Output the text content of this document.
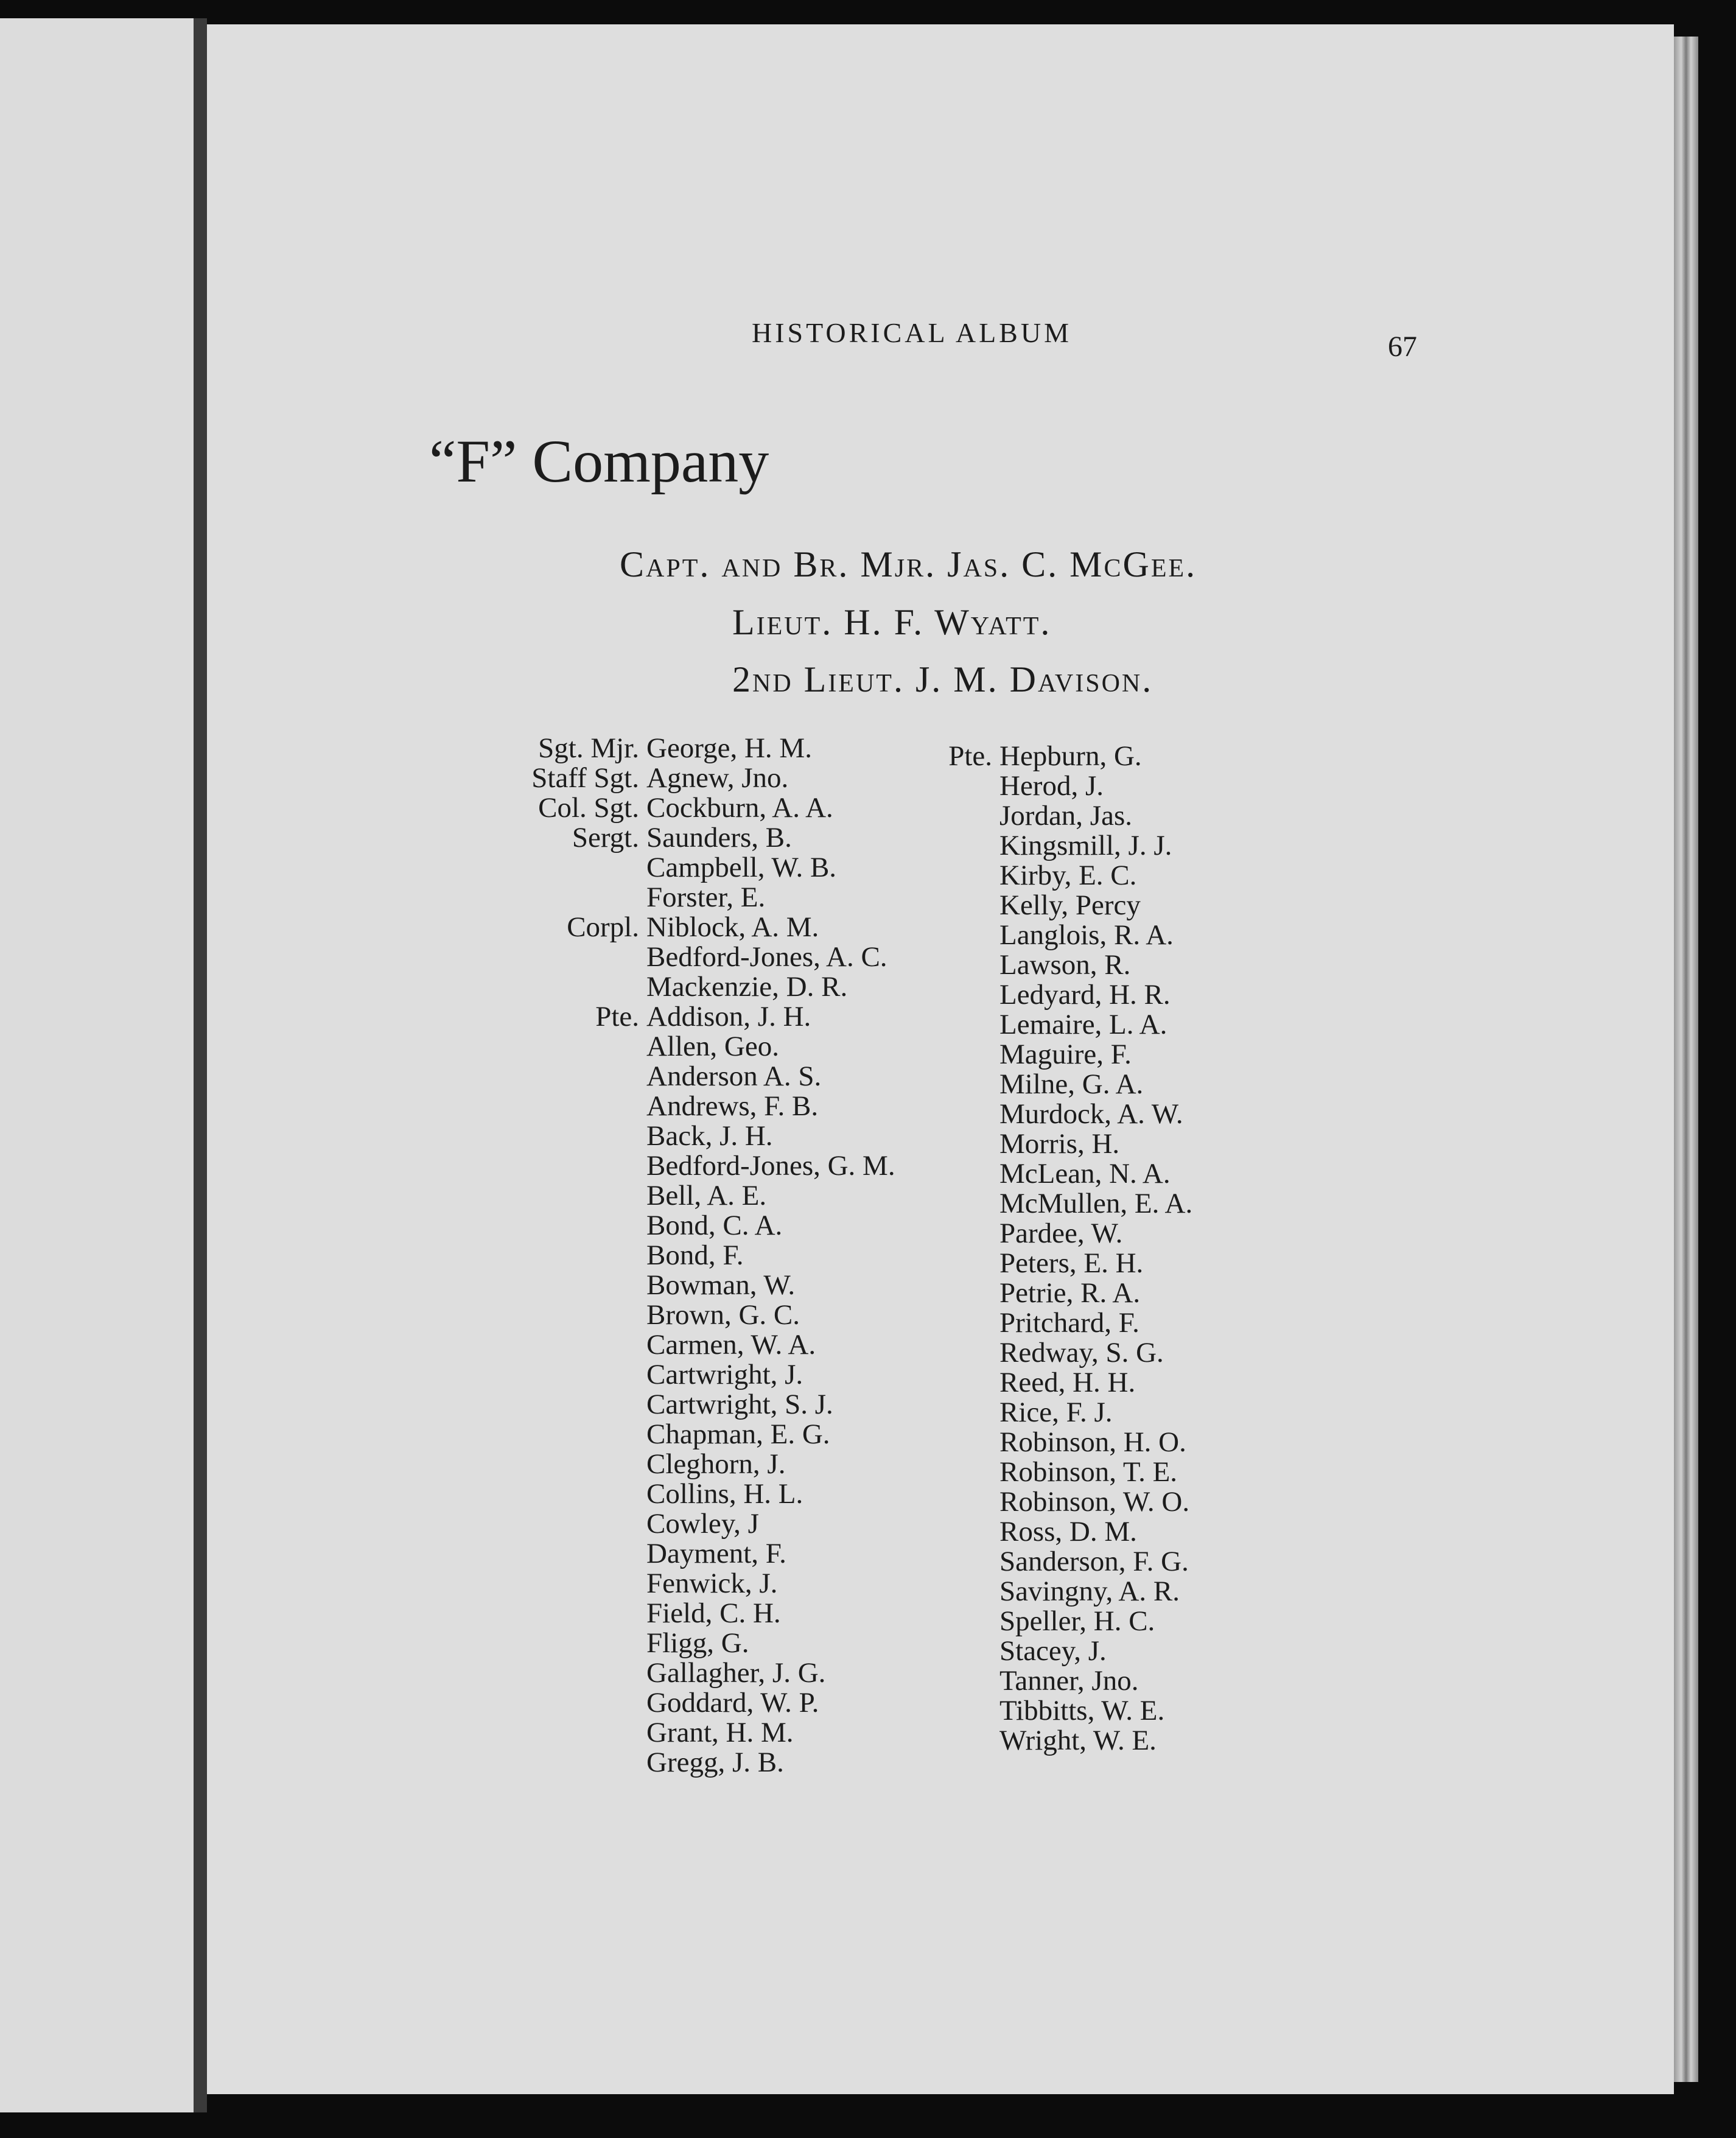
HISTORICAL ALBUM	67
“F” Company
Capt. and Br. Mjr. Jas. C. McGee.
Lieut. H. F. Wyatt.
2nd Lieut. J. M. Davison.
Sgt. Mjr. George, H. M.
Staff Sgt. Agnew, Jno.
Col. Sgt. Cockburn, A. A.
Sergt. Saunders, B.
Campbell, W. B.
Forster, E.
Corpl. Niblock, A. M.
Bedford-Jones, A. C.
Mackenzie, D. R.
Pte. Addison, J. H.
Allen, Geo.
Anderson A. S.
Andrews, F. B.
Back, J. H.
Bedford-Jones, G. M.
Bell, A. E.
Bond, C. A.
Bond, F.
Bowman, W.
Brown, G. C.
Carmen, W. A.
Cartwright, J.
Cartwright, S. J.
Chapman, E. G.
Cleghorn, J.
Collins, H. L.
Cowley, J
Dayment, F.
Fenwick, J.
Field, C. H.
Fligg, G.
Gallagher, J. G.
Goddard, W. P.
Grant, H. M.
Gregg, J. B.
Pte. Hepburn, G.
Herod, J.
Jordan, Jas.
Kingsmill, J. J.
Kirby, E. C.
Kelly, Percy
Langlois, R. A.
Lawson, R.
Ledyard, H. R.
Lemaire, L. A.
Maguire, F.
Milne, G. A.
Murdock, A. W.
Morris, H.
McLean, N. A.
McMullen, E. A.
Pardee, W.
Peters, E. H.
Petrie, R. A.
Pritchard, F.
Redway, S. G.
Reed, H. H.
Rice, F. J.
Robinson, H. O.
Robinson, T. E.
Robinson, W. O.
Ross, D. M.
Sanderson, F. G.
Savingny, A. R.
Speller, H. C.
Stacey, J.
Tanner, Jno.
Tibbitts, W. E.
Wright, W. E.
